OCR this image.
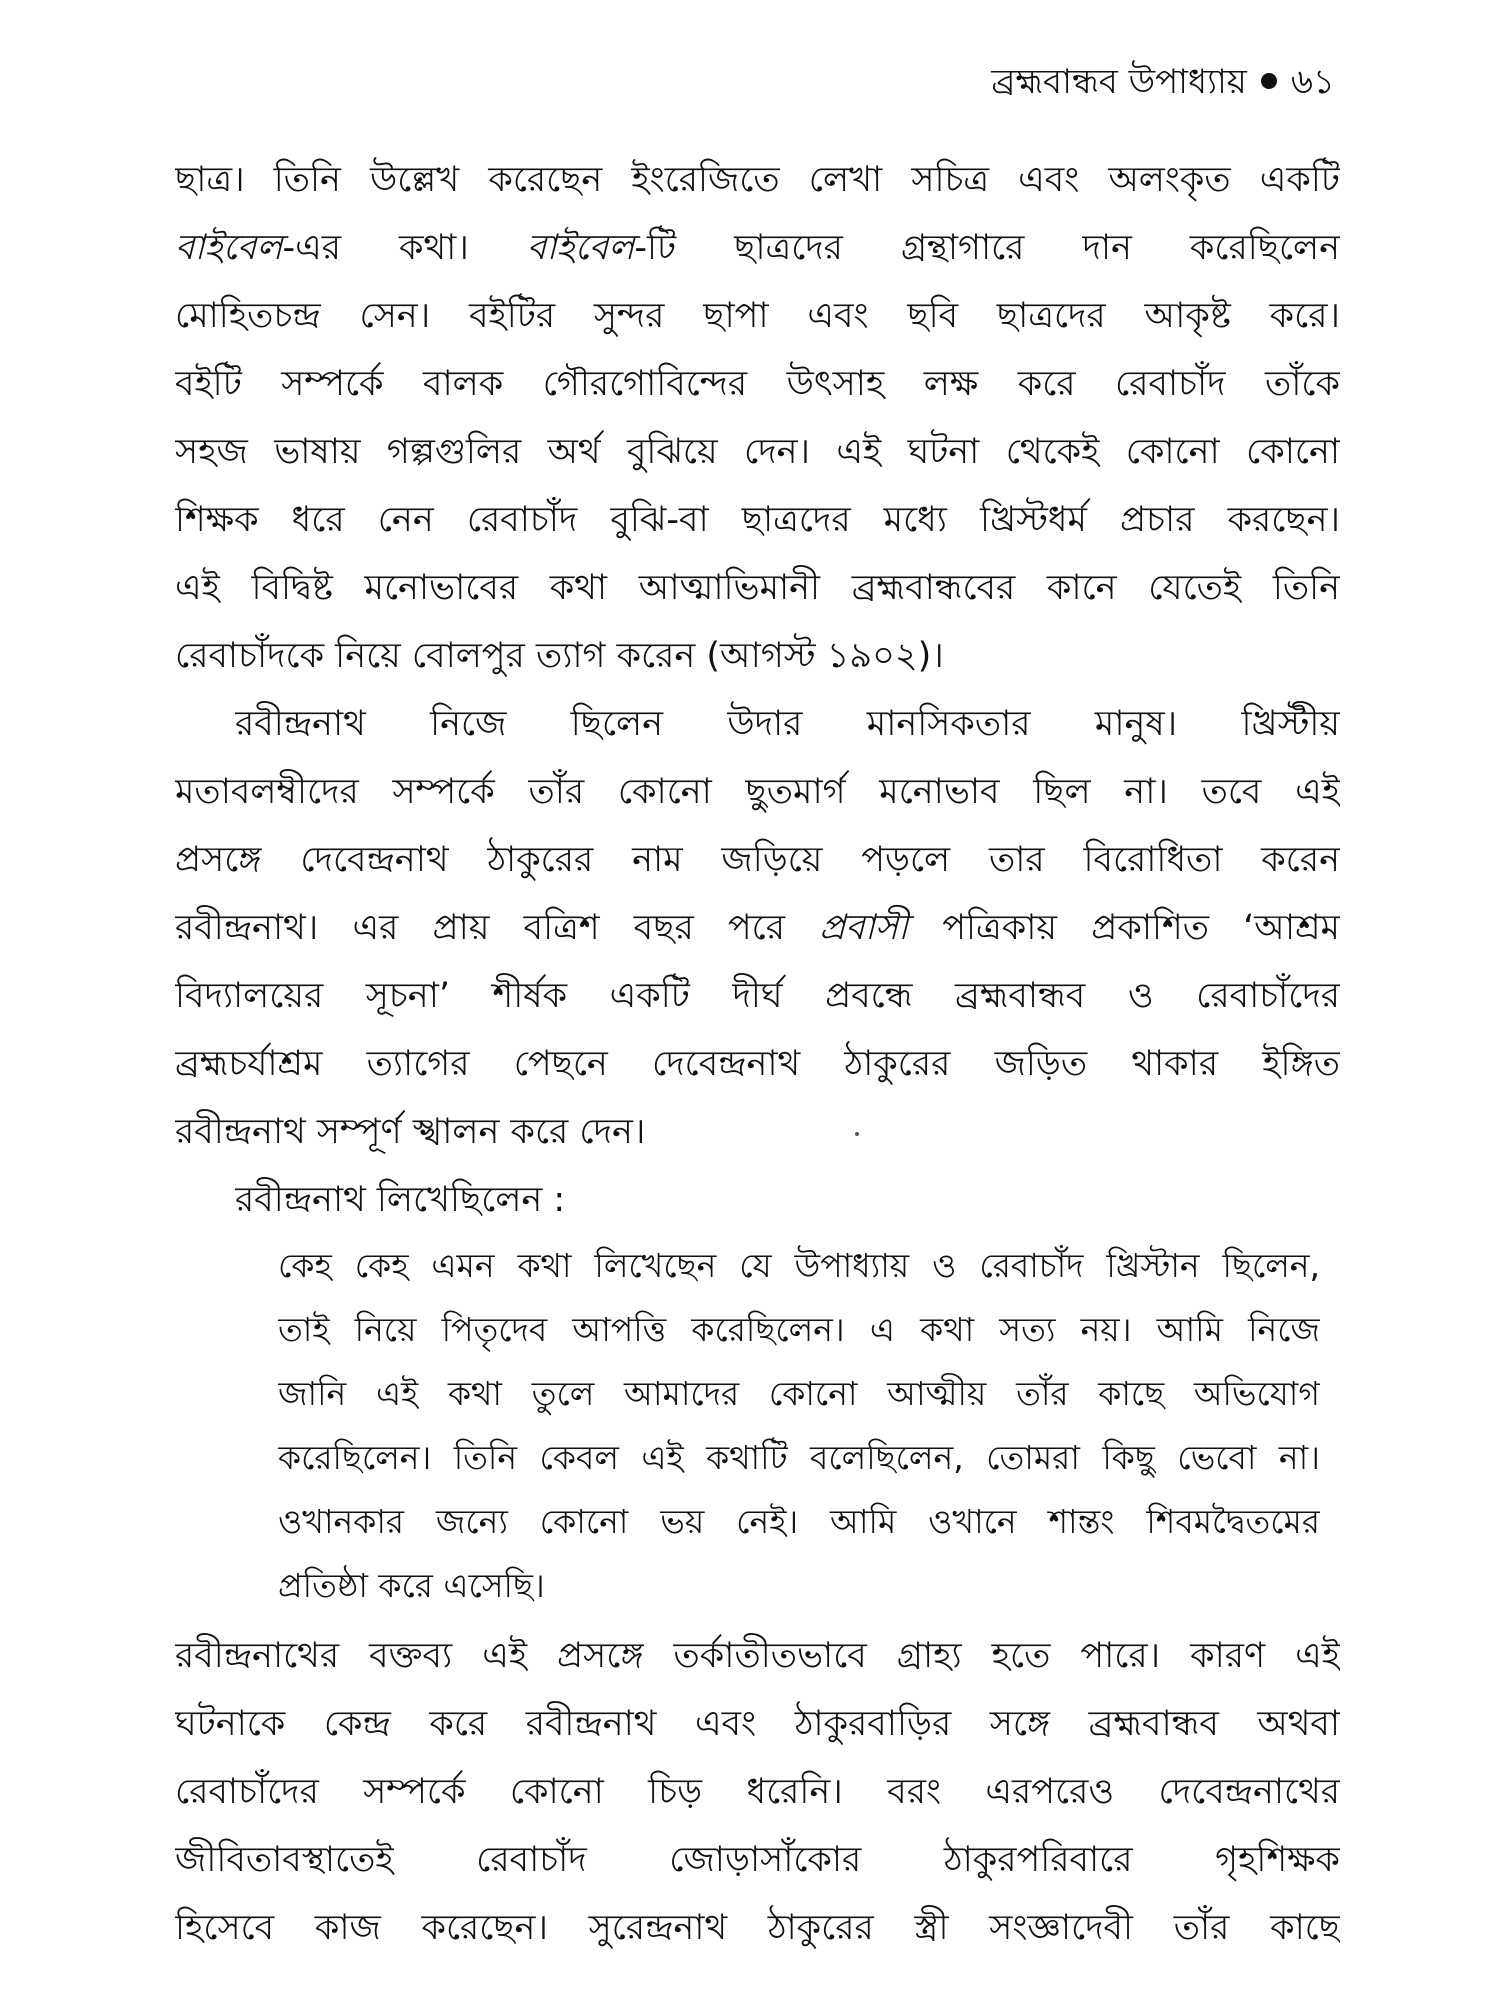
ব্রহ্মবান্ধব উপাধ্যায় ৬১
ছাত্র। তিনি উল্লেখ করেছেন ইংরেজিতে লেখা সচিত্র এবং অলংকৃত একটি
বাইবেল-এর কথা। বাইবেল-টি ছাত্রদের গ্রন্থাগারে দান করেছিলেন
মোহিতচন্দ্র সেন। বইটির সুন্দর ছাপা এবং ছবি ছাত্রদের আকৃষ্ট করে।
বইটি সম্পর্কে বালক গৌরগোবিন্দের উৎসাহ লক্ষ করে রেবাচাঁদ তাঁকে
সহজ ভাষায় গল্পগুলির অর্থ বুঝিয়ে দেন। এই ঘটনা থেকেই কোনো কোনো
শিক্ষক ধরে নেন রেবাচাঁদ বুঝি-বা ছাত্রদের মধ্যে খ্রিস্টধর্ম প্রচার করছেন।
এই বিদ্বিষ্ট মনোভাবের কথা আত্মাভিমানী ব্রহ্মবান্ধবের কানে যেতেই তিনি
রেবাচাঁদকে নিয়ে বোলপুর ত্যাগ করেন (আগস্ট ১৯০২)।
রবীন্দ্রনাথ নিজে ছিলেন উদার মানসিকতার মানুষ। খ্রিস্টীয়
মতাবলম্বীদের সম্পর্কে তাঁর কোনো ছুতমার্গ মনোভাব ছিল না। তবে এই
প্রসঙ্গে দেবেন্দ্রনাথ ঠাকুরের নাম জড়িয়ে পড়লে তার বিরোধিতা করেন
রবীন্দ্রনাথ। এর প্রায় বত্রিশ বছর পরে প্রবাসী পত্রিকায় প্রকাশিত ‘আশ্রম
বিদ্যালয়ের সূচনা’ শীর্ষক একটি দীর্ঘ প্রবন্ধে ব্রহ্মবান্ধব ও রেবাচাঁদের
ব্রহ্মচর্যাশ্রম ত্যাগের পেছনে দেবেন্দ্রনাথ ঠাকুরের জড়িত থাকার ইঙ্গিত
রবীন্দ্রনাথ সম্পূর্ণ স্খালন করে দেন।
রবীন্দ্রনাথ লিখেছিলেন :
কেহ কেহ এমন কথা লিখেছেন যে উপাধ্যায় ও রেবাচাঁদ খ্রিস্টান ছিলেন,
তাই নিয়ে পিতৃদেব আপত্তি করেছিলেন। এ কথা সত্য নয়। আমি নিজে
জানি এই কথা তুলে আমাদের কোনো আত্মীয় তাঁর কাছে অভিযোগ
করেছিলেন। তিনি কেবল এই কথাটি বলেছিলেন, তোমরা কিছু ভেবো না।
ওখানকার জন্যে কোনো ভয় নেই। আমি ওখানে শান্তং শিবমদ্বৈতমের
প্রতিষ্ঠা করে এসেছি।
রবীন্দ্রনাথের বক্তব্য এই প্রসঙ্গে তর্কাতীতভাবে গ্রাহ্য হতে পারে। কারণ এই
ঘটনাকে কেন্দ্র করে রবীন্দ্রনাথ এবং ঠাকুরবাড়ির সঙ্গে ব্রহ্মবান্ধব অথবা
রেবাচাঁদের সম্পর্কে কোনো চিড় ধরেনি। বরং এরপরেও দেবেন্দ্রনাথের
জীবিতাবস্থাতেই রেবাচাঁদ জোড়াসাঁকোর ঠাকুরপরিবারে গৃহশিক্ষক
হিসেবে কাজ করেছেন। সুরেন্দ্রনাথ ঠাকুরের স্ত্রী সংজ্ঞাদেবী তাঁর কাছে
